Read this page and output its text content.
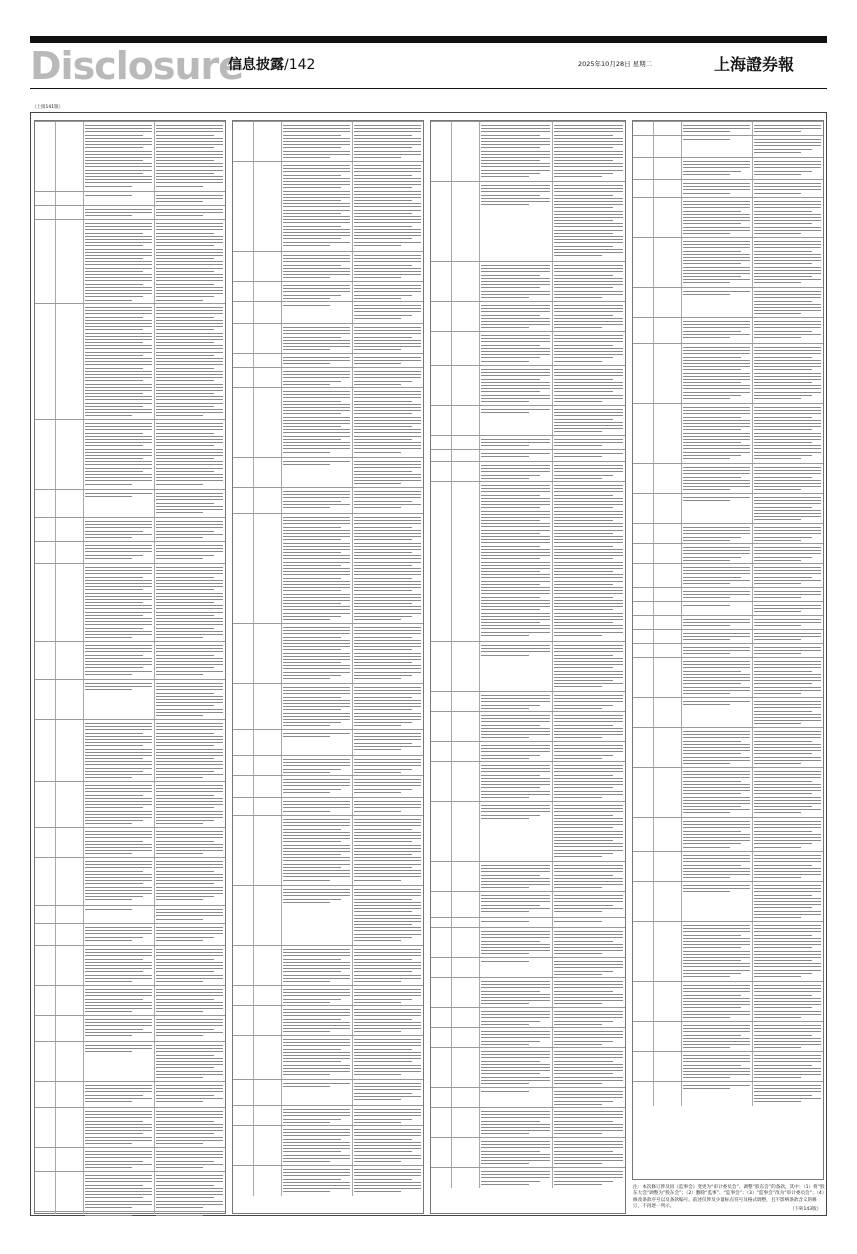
Disclosure
信息披露/142	2025年10月28日 星期二	上海證券報
（上接141版）
注：本次修订涉及因《监事会》变更为“审计委员会”、调整“股东会”的条款，其中：（1）将“股东大会”调整为“股东会”；（2）删除“监事”、“监事会”；（3）“监事会”改为“审计委员会”；（4）修改条款序号以及条款编号。前述仅涉及少量标点符号及格式调整，且不影响条款含义的修订，不再逐一列示。
（下转143版）
